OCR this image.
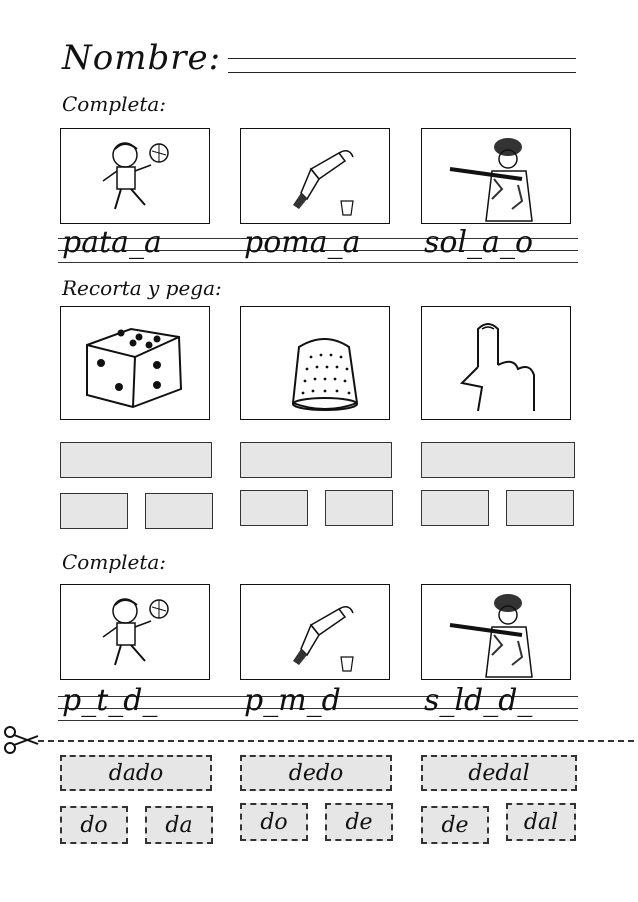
Nombre:
Completa:
pata_a	poma_a sol_a_o
Recorta y pega:
Completa:
p_t_d_	p_m_d	s_ld_d_
dado	dedo	dedal
do	da	do	de	de	dal
